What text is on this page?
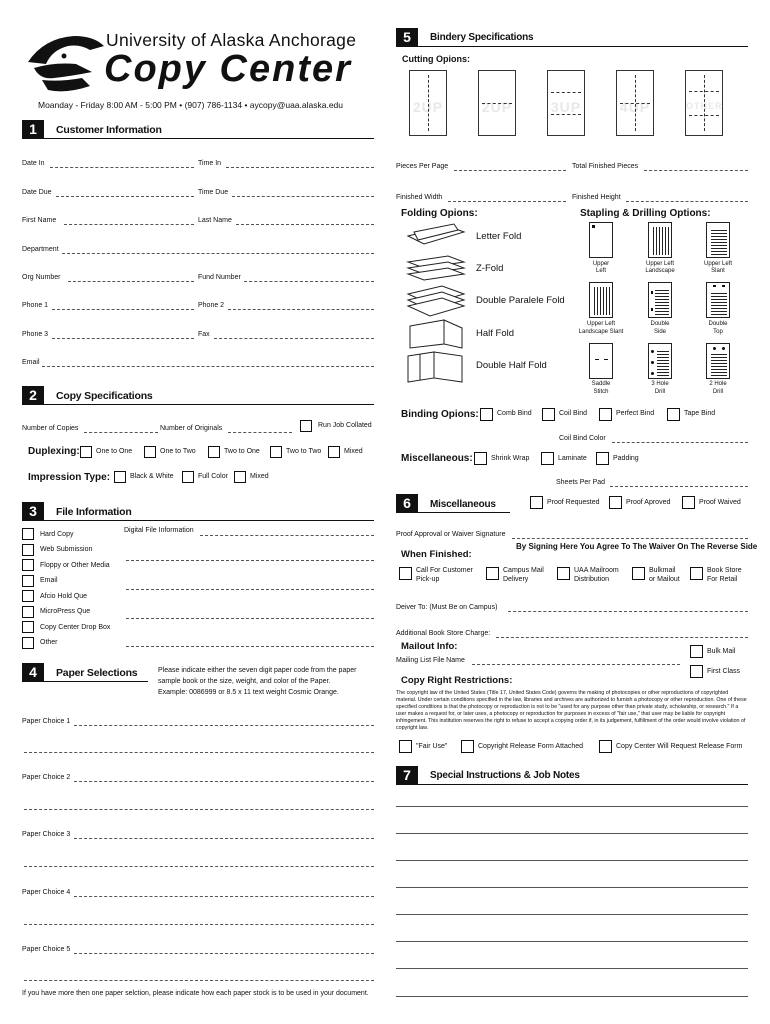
University of Alaska Anchorage
Copy Center
Moanday - Friday 8:00 AM - 5:00 PM • (907) 786-1134 • aycopy@uaa.alaska.edu
1	Customer Information
Date In	Time In
Date Due	Time Due
First Name	Last Name
Department
Org Number	Fund Number
Phone 1	Phone 2
Phone 3	Fax
Email
2	Copy Specifications
Number of Copies	Number of Originals	Run Job Collated
Duplexing: One to One	One to Two	Two to One	Two to Two	Mixed
Impression Type:	Black & White	Full Color	Mixed
3	File Information
Hard Copy
Web Submission
Floppy or Other Media
Email
Afcio Hold Que
MicroPress Que
Copy Center Drop Box
Other
Digital File Information
4	Paper Selections	Please indicate either the seven digit paper code from the paper
sample book or the size, weight, and color of the Paper.
Example: 0086999 or 8.5 x 11 text weight Cosmic Orange.
Paper Choice 1
Paper Choice 2
Paper Choice 3
Paper Choice 4
Paper Choice 5
If you have more then one paper selction, please indicate how each paper stock is to be used in your document.
5	Bindery Specifications
Cutting Opions:
2UP	2UP	3UP	4UP	OTHER
Pieces Per Page	Total Finished Pieces
Finished Width	Finished Height
Folding Opions:
Letter Fold
Z-Fold
Double Paralele Fold
Half Fold
Double Half Fold
Stapling & Drilling Options:
Upper
Left
Upper Left
Landscape
Upper Left
Slant
Upper Left
Landscape Slant
Double
Side
Double
Top
Saddle
Stitch
3 Hole
Drill
2 Hole
Drill
Binding Opions:	Comb Bind	Coil Bind	Perfect Bind	Tape Bind
Coil Bind Color
Miscellaneous:	Shrink Wrap	Laminate	Padding
Sheets Per Pad
6	Miscellaneous	Proof Requested	Proof Aproved	Proof Waived
Proof Approval or Waiver Signature
When Finished:
By Signing Here You Agree To The Waiver On The Reverse Side
Call For Customer
Pick-up
Campus Mail
Delivery
UAA Mailroom
Distribution
Bulkmail
or Mailout
Book Store
For Retail
Deiver To: (Must Be on Campus)
Additional Book Store Charge:
Mailout Info:
Mailing List File Name
Bulk Mail
First Class
Copy Right Restrictions:
The copyright law of the United States (Title 17, United States Code) governs the making of photocopies or other reproductions of copyrighted material. Under certain conditions specified in the law, libraries and archives are authorized to furnish a photocopy or other reproduction. One of these specified conditions is that the photocopy or reproduction is not to be "used for any purpose other than private study, scholarship, or research." If a user makes a request for, or later uses, a photocopy or reproduction for purposes in excess of "fair use," that user may be liable for copyright infringement. This institution reserves the right to refuse to accept a copying order if, in its judgement, fulfillment of the order would involve violation of copyright law.
"Fair Use"	Copyright Release Form Attached	Copy Center Will Request Release Form
7	Special Instructions & Job Notes
